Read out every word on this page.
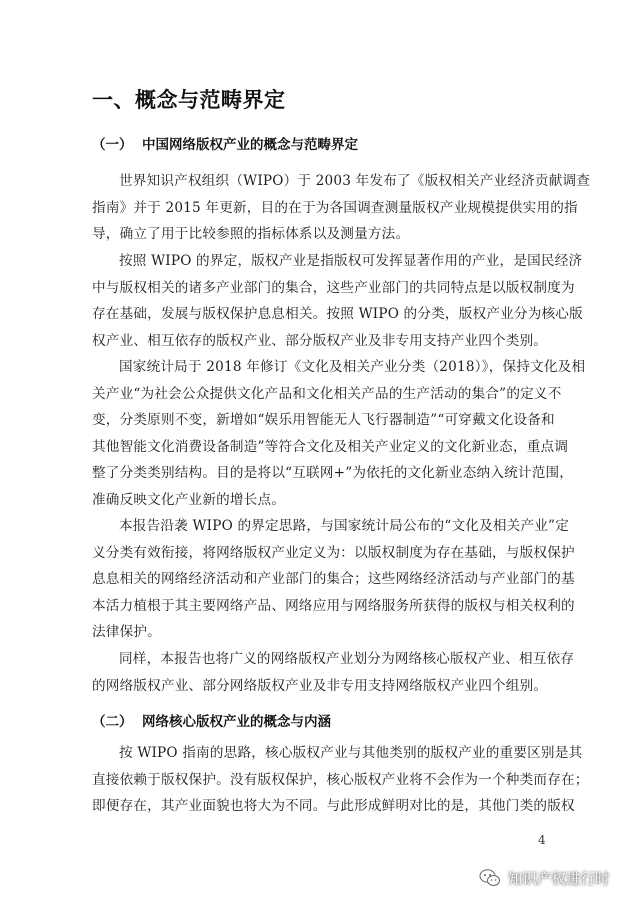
一、概念与范畴界定
（一） 中国网络版权产业的概念与范畴界定
世界知识产权组织（WIPO）于 2003 年发布了《版权相关产业经济贡献调查
指南》并于 2015 年更新，目的在于为各国调查测量版权产业规模提供实用的指
导，确立了用于比较参照的指标体系以及测量方法。
按照 WIPO 的界定，版权产业是指版权可发挥显著作用的产业，是国民经济
中与版权相关的诸多产业部门的集合，这些产业部门的共同特点是以版权制度为
存在基础，发展与版权保护息息相关。按照 WIPO 的分类，版权产业分为核心版
权产业、相互依存的版权产业、部分版权产业及非专用支持产业四个类别。
国家统计局于 2018 年修订《文化及相关产业分类（2018）》，保持文化及相
关产业“为社会公众提供文化产品和文化相关产品的生产活动的集合”的定义不
变，分类原则不变，新增如“娱乐用智能无人飞行器制造”“可穿戴文化设备和
其他智能文化消费设备制造”等符合文化及相关产业定义的文化新业态，重点调
整了分类类别结构。目的是将以“互联网+”为依托的文化新业态纳入统计范围，
准确反映文化产业新的增长点。
本报告沿袭 WIPO 的界定思路，与国家统计局公布的“文化及相关产业”定
义分类有效衔接，将网络版权产业定义为：以版权制度为存在基础，与版权保护
息息相关的网络经济活动和产业部门的集合；这些网络经济活动与产业部门的基
本活力植根于其主要网络产品、网络应用与网络服务所获得的版权与相关权利的
法律保护。
同样，本报告也将广义的网络版权产业划分为网络核心版权产业、相互依存
的网络版权产业、部分网络版权产业及非专用支持网络版权产业四个组别。
（二） 网络核心版权产业的概念与内涵
按 WIPO 指南的思路，核心版权产业与其他类别的版权产业的重要区别是其
直接依赖于版权保护。没有版权保护，核心版权产业将不会作为一个种类而存在；
即便存在，其产业面貌也将大为不同。与此形成鲜明对比的是，其他门类的版权
4
知识产权进行时
